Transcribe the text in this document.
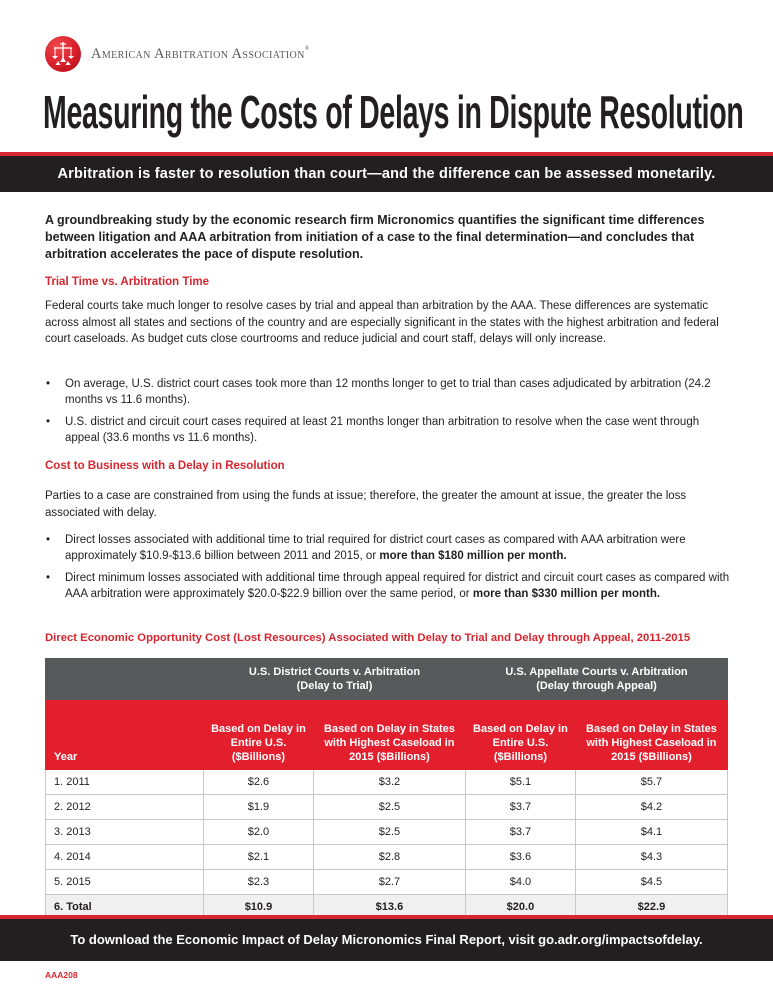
American Arbitration Association®
Measuring the Costs of Delays in Dispute Resolution
Arbitration is faster to resolution than court—and the difference can be assessed monetarily.
A groundbreaking study by the economic research firm Micronomics quantifies the significant time differences between litigation and AAA arbitration from initiation of a case to the final determination—and concludes that arbitration accelerates the pace of dispute resolution.
Trial Time vs. Arbitration Time
Federal courts take much longer to resolve cases by trial and appeal than arbitration by the AAA. These differences are systematic across almost all states and sections of the country and are especially significant in the states with the highest arbitration and federal court caseloads. As budget cuts close courtrooms and reduce judicial and court staff, delays will only increase.
• On average, U.S. district court cases took more than 12 months longer to get to trial than cases adjudicated by arbitration (24.2 months vs 11.6 months).
• U.S. district and circuit court cases required at least 21 months longer than arbitration to resolve when the case went through appeal (33.6 months vs 11.6 months).
Cost to Business with a Delay in Resolution
Parties to a case are constrained from using the funds at issue; therefore, the greater the amount at issue, the greater the loss associated with delay.
• Direct losses associated with additional time to trial required for district court cases as compared with AAA arbitration were approximately $10.9-$13.6 billion between 2011 and 2015, or more than $180 million per month.
• Direct minimum losses associated with additional time through appeal required for district and circuit court cases as compared with AAA arbitration were approximately $20.0-$22.9 billion over the same period, or more than $330 million per month.
Direct Economic Opportunity Cost (Lost Resources) Associated with Delay to Trial and Delay through Appeal, 2011-2015
	U.S. District Courts v. Arbitration
(Delay to Trial)		U.S. Appellate Courts v. Arbitration
(Delay through Appeal)	
Year	Based on Delay in Entire U.S. ($Billions)	Based on Delay in States with Highest Caseload in 2015 ($Billions)	Based on Delay in Entire U.S. ($Billions)	Based on Delay in States with Highest Caseload in 2015 ($Billions)
1. 2011	$2.6	$3.2	$5.1	$5.7
2. 2012	$1.9	$2.5	$3.7	$4.2
3. 2013	$2.0	$2.5	$3.7	$4.1
4. 2014	$2.1	$2.8	$3.6	$4.3
5. 2015	$2.3	$2.7	$4.0	$4.5
6. Total	$10.9	$13.6	$20.0	$22.9
To download the Economic Impact of Delay Micronomics Final Report, visit go.adr.org/impactsofdelay.
AAA208
